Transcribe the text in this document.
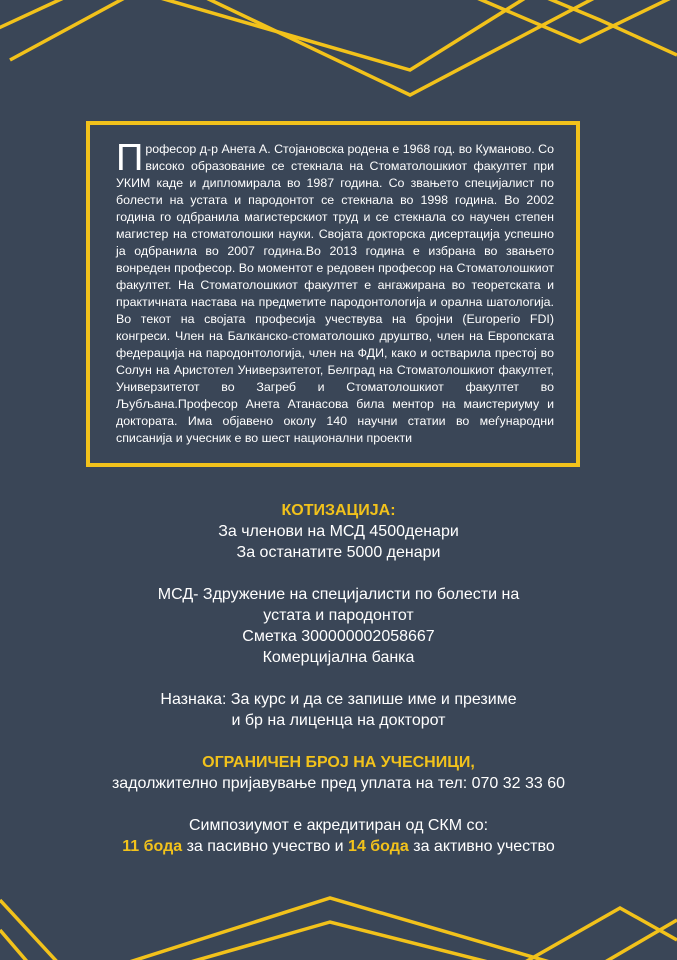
Професор д-р Анета А. Стојановска родена е 1968 год. во Куманово. Со високо образование се стекнала на Стоматолошкиот факултет при УКИМ каде и дипломирала во 1987 година. Со звањето специјалист по болести на устата и пародонтот се стекнала во 1998 година. Во 2002 година го одбранила магистерскиот труд и се стекнала со научен степен магистер на стоматолошки науки. Својата докторска дисертација успешно ја одбранила во 2007 година.Во 2013 година е избрана во звањето вонреден професор. Во моментот е редовен професор на Стоматолошкиот факултет. На Стоматолошкиот факултет е ангажирана во теоретската и практичната настава на предметите пародонтологија и орална шатологија. Во текот на својата професија учествува на бројни (Europerio FDI) конгреси. Член на Балканско-стоматолошко друштво, член на Европската федерација на пародонтологија, член на ФДИ, како и остварила престој во Солун на Аристотел Универзитетот, Белград на Стоматолошкиот факултет, Универзитетот во Загреб и Стоматолошкиот факултет во Љубљана.Професор Анета Атанасова била ментор на маистериуму и доктората. Има објавено околу 140 научни статии во меѓународни списанија и учесник е во шест национални проекти

КОТИЗАЦИЈА:

За членови на МСД 4500денари

За останатите 5000 денари

МСД- Здружение на специјалисти по болести на

устата и пародонтот

Сметка 300000002058667

Комерцијална банка

Назнака: За курс и да се запише име и презиме

и бр на лиценца на докторот

ОГРАНИЧЕН БРОЈ НА УЧЕСНИЦИ,

задолжително пријавување пред уплата на тел: 070 32 33 60

Симпозиумот е акредитиран од СКМ со:

11 бода за пасивно учество и 14 бода за активно учество
